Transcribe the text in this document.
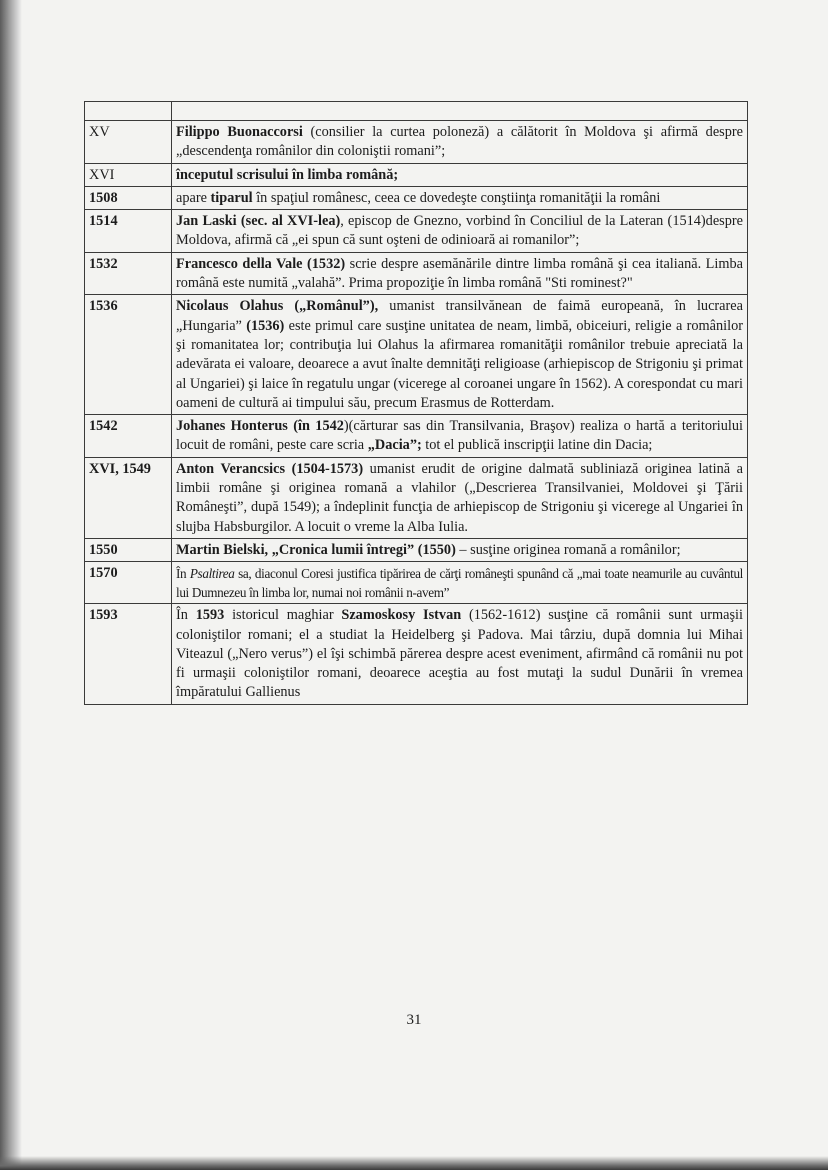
XV	Filippo Buonaccorsi (consilier la curtea poloneză) a călătorit în Moldova şi afirmă despre „descendenţa românilor din coloniştii romani”;
XVI	începutul scrisului în limba română;
1508	apare tiparul în spaţiul românesc, ceea ce dovedeşte conştiinţa romanităţii la români
1514	Jan Laski (sec. al XVI-lea), episcop de Gnezno, vorbind în Conciliul de la Lateran (1514)despre Moldova, afirmă că „ei spun că sunt oşteni de odinioară ai romanilor”;
1532	Francesco della Vale (1532) scrie despre asemănările dintre limba română şi cea italiană. Limba română este numită „valahă”. Prima propoziţie în limba română "Sti rominest?"
1536	Nicolaus Olahus („Românul”), umanist transilvănean de faimă europeană, în lucrarea „Hungaria” (1536) este primul care susţine unitatea de neam, limbă, obiceiuri, religie a românilor şi romanitatea lor; contribuţia lui Olahus la afirmarea romanităţii românilor trebuie apreciată la adevărata ei valoare, deoarece a avut înalte demnităţi religioase (arhiepiscop de Strigoniu şi primat al Ungariei) şi laice în regatulu ungar (vicerege al coroanei ungare în 1562). A corespondat cu mari oameni de cultură ai timpului său, precum Erasmus de Rotterdam.
1542	Johanes Honterus (în 1542)(cărturar sas din Transilvania, Braşov) realiza o hartă a teritoriului locuit de români, peste care scria „Dacia”; tot el publică inscripţii latine din Dacia;
XVI, 1549	Anton Verancsics (1504-1573) umanist erudit de origine dalmată subliniază originea latină a limbii române şi originea romană a vlahilor („Descrierea Transilvaniei, Moldovei şi Ţării Româneşti”, după 1549); a îndeplinit funcţia de arhiepiscop de Strigoniu şi vicerege al Ungariei în slujba Habsburgilor. A locuit o vreme la Alba Iulia.
1550	Martin Bielski, „Cronica lumii întregi” (1550) – susţine originea romană a românilor;
1570	În Psaltirea sa, diaconul Coresi justifica tipărirea de cărţi româneşti spunând că „mai toate neamurile au cuvântul lui Dumnezeu în limba lor, numai noi românii n-avem”
1593	În 1593 istoricul maghiar Szamoskosy Istvan (1562-1612) susţine că românii sunt urmaşii coloniştilor romani; el a studiat la Heidelberg şi Padova. Mai târziu, după domnia lui Mihai Viteazul („Nero verus”) el îşi schimbă părerea despre acest eveniment, afirmând că românii nu pot fi urmaşii coloniştilor romani, deoarece aceştia au fost mutaţi la sudul Dunării în vremea împăratului Gallienus
31
